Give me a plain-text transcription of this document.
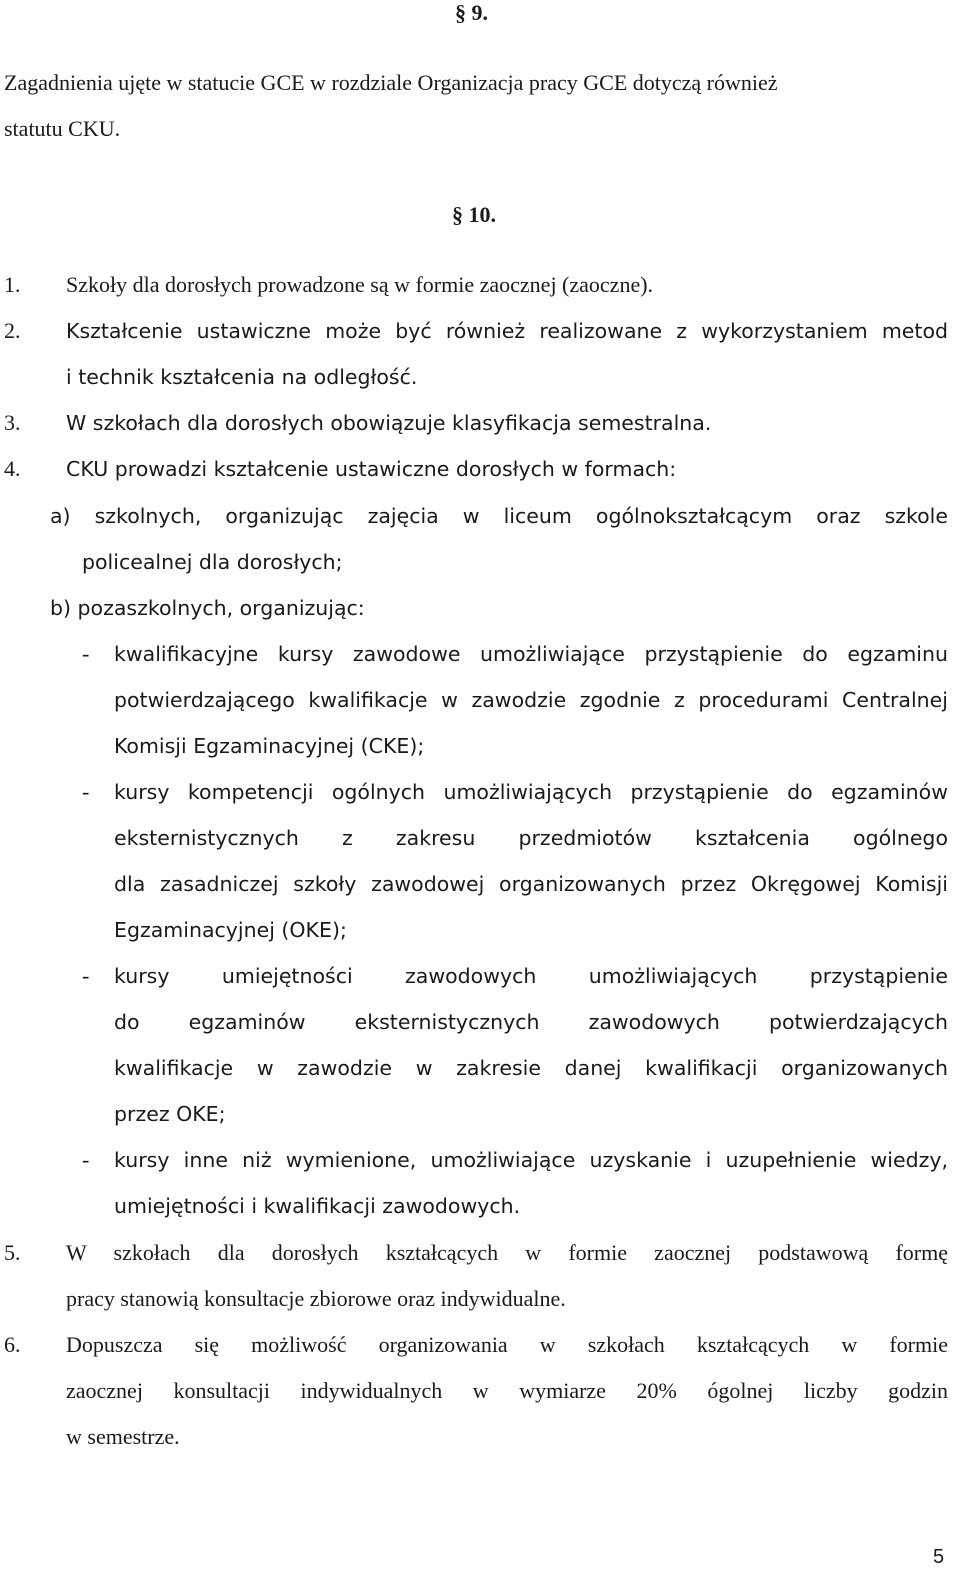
§ 9.
Zagadnienia ujęte w statucie GCE w rozdziale Organizacja pracy GCE dotyczą również
statutu CKU.
§ 10.
1. Szkoły dla dorosłych prowadzone są w formie zaocznej (zaoczne).
2. Kształcenie ustawiczne może być również realizowane z wykorzystaniem metod
i technik kształcenia na odległość.
3. W szkołach dla dorosłych obowiązuje klasyfikacja semestralna.
4. CKU prowadzi kształcenie ustawiczne dorosłych w formach:
a) szkolnych, organizując zajęcia w liceum ogólnokształcącym oraz szkole
policealnej dla dorosłych;
b) pozaszkolnych, organizując:
- kwalifikacyjne kursy zawodowe umożliwiające przystąpienie do egzaminu
potwierdzającego kwalifikacje w zawodzie zgodnie z procedurami Centralnej
Komisji Egzaminacyjnej (CKE);
- kursy kompetencji ogólnych umożliwiających przystąpienie do egzaminów
eksternistycznych z zakresu przedmiotów kształcenia ogólnego
dla zasadniczej szkoły zawodowej organizowanych przez Okręgowej Komisji
Egzaminacyjnej (OKE);
- kursy umiejętności zawodowych umożliwiających przystąpienie
do egzaminów eksternistycznych zawodowych potwierdzających
kwalifikacje w zawodzie w zakresie danej kwalifikacji organizowanych
przez OKE;
- kursy inne niż wymienione, umożliwiające uzyskanie i uzupełnienie wiedzy,
umiejętności i kwalifikacji zawodowych.
5. W szkołach dla dorosłych kształcących w formie zaocznej podstawową formę
pracy stanowią konsultacje zbiorowe oraz indywidualne.
6. Dopuszcza się możliwość organizowania w szkołach kształcących w formie
zaocznej konsultacji indywidualnych w wymiarze 20% ógolnej liczby godzin
w semestrze.
5
